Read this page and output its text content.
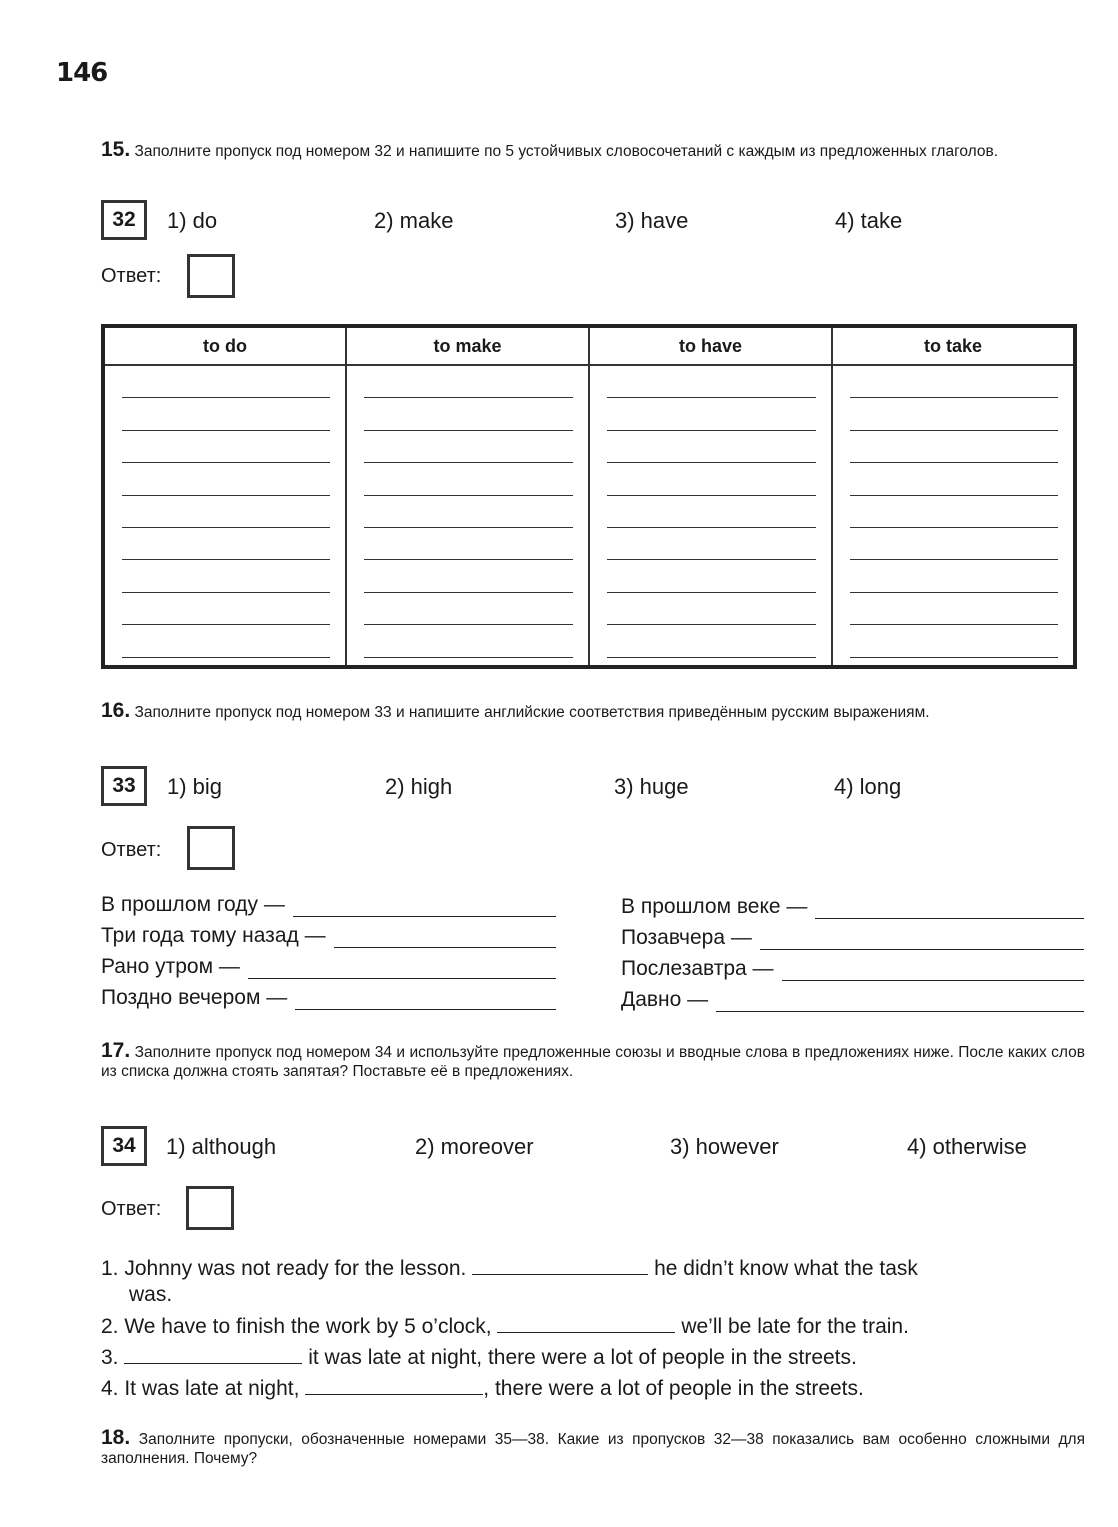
146
15. Заполните пропуск под номером 32 и напишите по 5 устойчивых словосочетаний с каждым из предложенных глаголов.
32	1) do	2) make	3) have	4) take
Ответ:
to do	to make	to have	to take

16. Заполните пропуск под номером 33 и напишите английские соответствия приведённым русским выражениям.
33	1) big	2) high	3) huge	4) long
Ответ:
В прошлом году —
Три года тому назад —
Рано утром —
Поздно вечером —
В прошлом веке —
Позавчера —
Послезавтра —
Давно —
17. Заполните пропуск под номером 34 и используйте предложенные союзы и вводные слова в предложениях ниже. После каких слов из списка должна стоять запятая? Поставьте её в предложениях.
34	1) although	2) moreover	3) however	4) otherwise
Ответ:
1. Johnny was not ready for the lesson.	he didn’t know what the task
was.
2. We have to finish the work by 5 o’clock,	we’ll be late for the train.
3.	it was late at night, there were a lot of people in the streets.
4. It was late at night,	, there were a lot of people in the streets.
18. Заполните пропуски, обозначенные номерами 35—38. Какие из пропусков 32—38 показались вам особенно сложными для заполнения. Почему?
